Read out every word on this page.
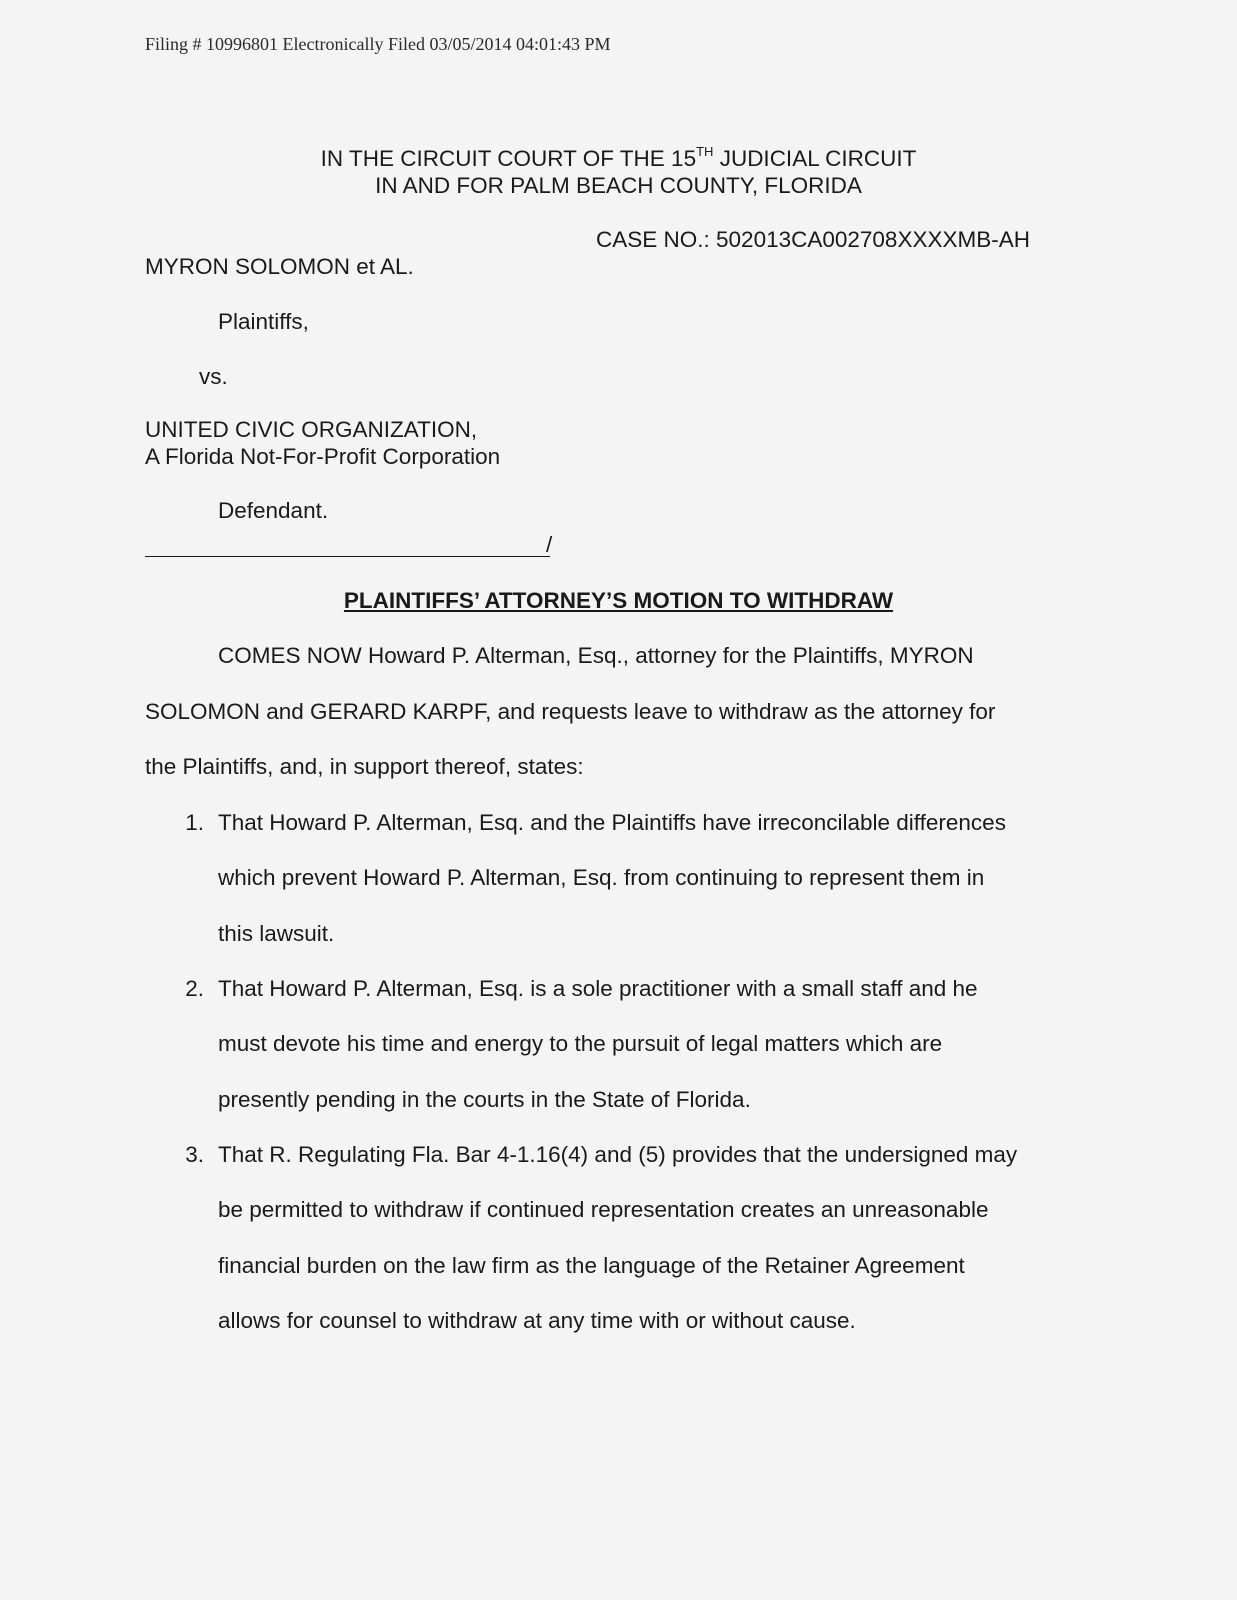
Filing # 10996801 Electronically Filed 03/05/2014 04:01:43 PM
IN THE CIRCUIT COURT OF THE 15TH JUDICIAL CIRCUIT
IN AND FOR PALM BEACH COUNTY, FLORIDA
CASE NO.: 502013CA002708XXXXMB-AH
MYRON SOLOMON et AL.
Plaintiffs,
vs.
UNITED CIVIC ORGANIZATION,
A Florida Not-For-Profit Corporation
Defendant.
/
PLAINTIFFS’ ATTORNEY’S MOTION TO WITHDRAW
COMES NOW Howard P. Alterman, Esq., attorney for the Plaintiffs, MYRON
SOLOMON and GERARD KARPF, and requests leave to withdraw as the attorney for
the Plaintiffs, and, in support thereof, states:
1. That Howard P. Alterman, Esq. and the Plaintiffs have irreconcilable differences
which prevent Howard P. Alterman, Esq. from continuing to represent them in
this lawsuit.
2. That Howard P. Alterman, Esq. is a sole practitioner with a small staff and he
must devote his time and energy to the pursuit of legal matters which are
presently pending in the courts in the State of Florida.
3. That R. Regulating Fla. Bar 4-1.16(4) and (5) provides that the undersigned may
be permitted to withdraw if continued representation creates an unreasonable
financial burden on the law firm as the language of the Retainer Agreement
allows for counsel to withdraw at any time with or without cause.
